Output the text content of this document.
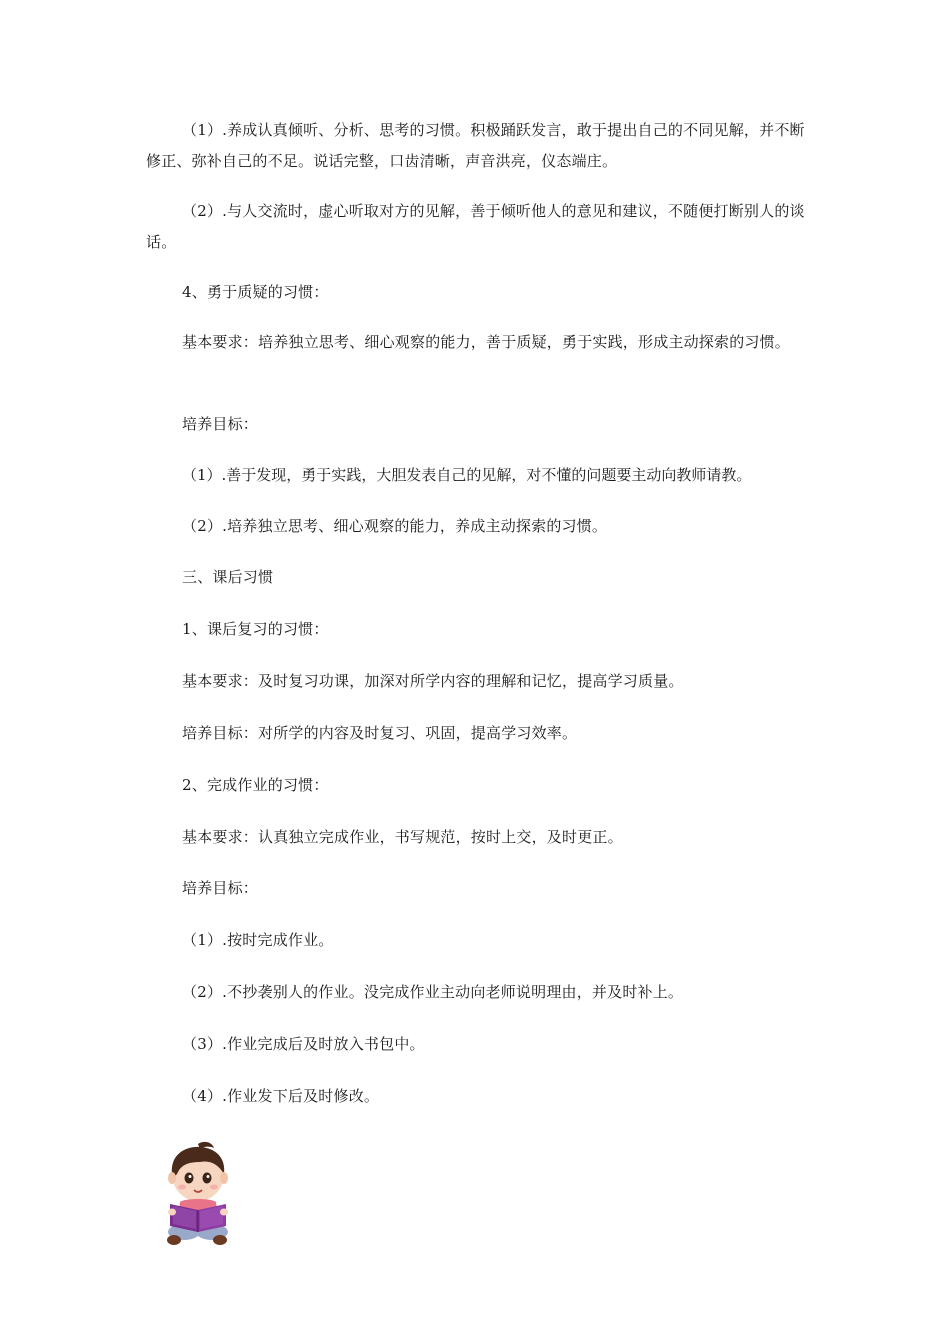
（1）.养成认真倾听、分析、思考的习惯。积极踊跃发言，敢于提出自己的不同见解，并不断修正、弥补自己的不足。说话完整，口齿清晰，声音洪亮，仪态端庄。
（2）.与人交流时，虚心听取对方的见解，善于倾听他人的意见和建议，不随便打断别人的谈话。
4、勇于质疑的习惯：
基本要求：培养独立思考、细心观察的能力，善于质疑，勇于实践，形成主动探索的习惯。
培养目标：
（1）.善于发现，勇于实践，大胆发表自己的见解，对不懂的问题要主动向教师请教。
（2）.培养独立思考、细心观察的能力，养成主动探索的习惯。
三、课后习惯
1、课后复习的习惯：
基本要求：及时复习功课，加深对所学内容的理解和记忆，提高学习质量。
培养目标：对所学的内容及时复习、巩固，提高学习效率。
2、完成作业的习惯：
基本要求：认真独立完成作业，书写规范，按时上交，及时更正。
培养目标：
（1）.按时完成作业。
（2）.不抄袭别人的作业。没完成作业主动向老师说明理由，并及时补上。
（3）.作业完成后及时放入书包中。
（4）.作业发下后及时修改。
